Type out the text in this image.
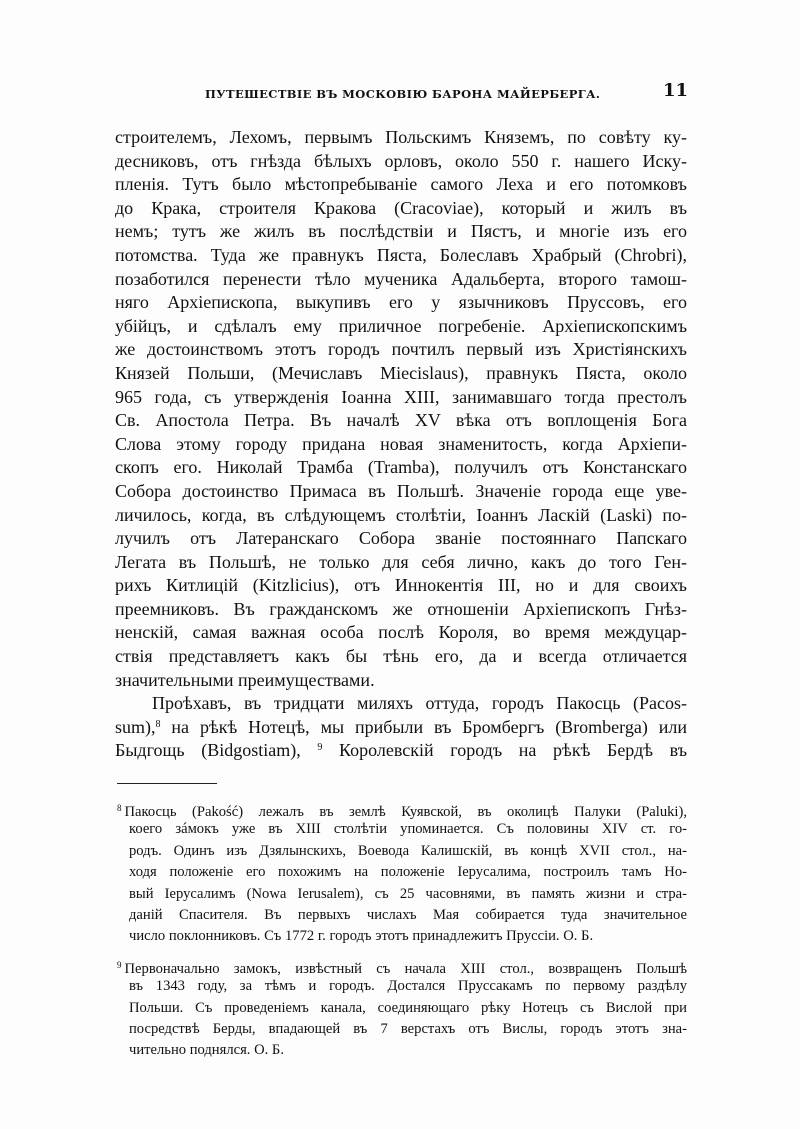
ПУТЕШЕСТВІЕ ВЪ МОСКОВІЮ БАРОНА МАЙЕРБЕРГА.	11
строителемъ, Лехомъ, первымъ Польскимъ Княземъ, по совѣту ку-
десниковъ, отъ гнѣзда бѣлыхъ орловъ, около 550 г. нашего Иску-
пленія. Тутъ было мѣстопребываніе самого Леха и его потомковъ
до Крака, строителя Кракова (Cracoviae), который и жилъ въ
немъ; тутъ же жилъ въ послѣдствіи и Пястъ, и многіе изъ его
потомства. Туда же правнукъ Пяста, Болеславъ Храбрый (Chrobri),
позаботился перенести тѣло мученика Адальберта, второго тамош-
няго Архіепископа, выкупивъ его у язычниковъ Пруссовъ, его
убійцъ, и сдѣлалъ ему приличное погребеніе. Архіепископскимъ
же достоинствомъ этотъ городъ почтилъ первый изъ Христіянскихъ
Князей Польши, (Мечиславъ Miecislaus), правнукъ Пяста, около
965 года, съ утвержденія Іоанна XIII, занимавшаго тогда престолъ
Св. Апостола Петра. Въ началѣ XV вѣка отъ воплощенія Бога
Слова этому городу придана новая знаменитость, когда Архіепи-
скопъ его. Николай Трамба (Tramba), получилъ отъ Констанскаго
Собора достоинство Примаса въ Польшѣ. Значеніе города еще уве-
личилось, когда, въ слѣдующемъ столѣтіи, Іоаннъ Ласкій (Laski) по-
лучилъ отъ Латеранскаго Собора званіе постояннаго Папскаго
Легата въ Польшѣ, не только для себя лично, какъ до того Ген-
рихъ Китлицій (Kitzlicius), отъ Иннокентія III, но и для своихъ
преемниковъ. Въ гражданскомъ же отношеніи Архіепископъ Гнѣз-
ненскій, самая важная особа послѣ Короля, во время междуцар-
ствія представляетъ какъ бы тѣнь его, да и всегда отличается
значительными преимуществами.
Проѣхавъ, въ тридцати миляхъ оттуда, городъ Пакосць (Pacos-
sum),$^8$ на рѣкѣ Нотецѣ, мы прибыли въ Бромбергъ (Bromberga) или
Быдгощь (Bidgostiam), $^9$ Королевскій городъ на рѣкѣ Бердѣ въ
$^8$ Пакосць (Pakość) лежалъ въ землѣ Куявской, въ околицѣ Палуки (Paluki),
коего зáмокъ уже въ XIII столѣтіи упоминается. Съ половины XIV ст. го-
родъ. Одинъ изъ Дзялынскихъ, Воевода Калишскій, въ концѣ XVII стол., на-
ходя положеніе его похожимъ на положеніе Іерусалима, построилъ тамъ Но-
вый Іерусалимъ (Nowa Ierusalem), съ 25 часовнями, въ память жизни и стра-
даній Спасителя. Въ первыхъ числахъ Мая собирается туда значительное
число поклонниковъ. Съ 1772 г. городъ этотъ принадлежитъ Пруссіи. О. Б.
$^9$ Первоначально замокъ, извѣстный съ начала XIII стол., возвращенъ Польшѣ
въ 1343 году, за тѣмъ и городъ. Достался Пруссакамъ по первому раздѣлу
Польши. Съ проведеніемъ канала, соединяющаго рѣку Нотецъ съ Вислой при
посредствѣ Берды, впадающей въ 7 верстахъ отъ Вислы, городъ этотъ зна-
чительно поднялся. О. Б.
